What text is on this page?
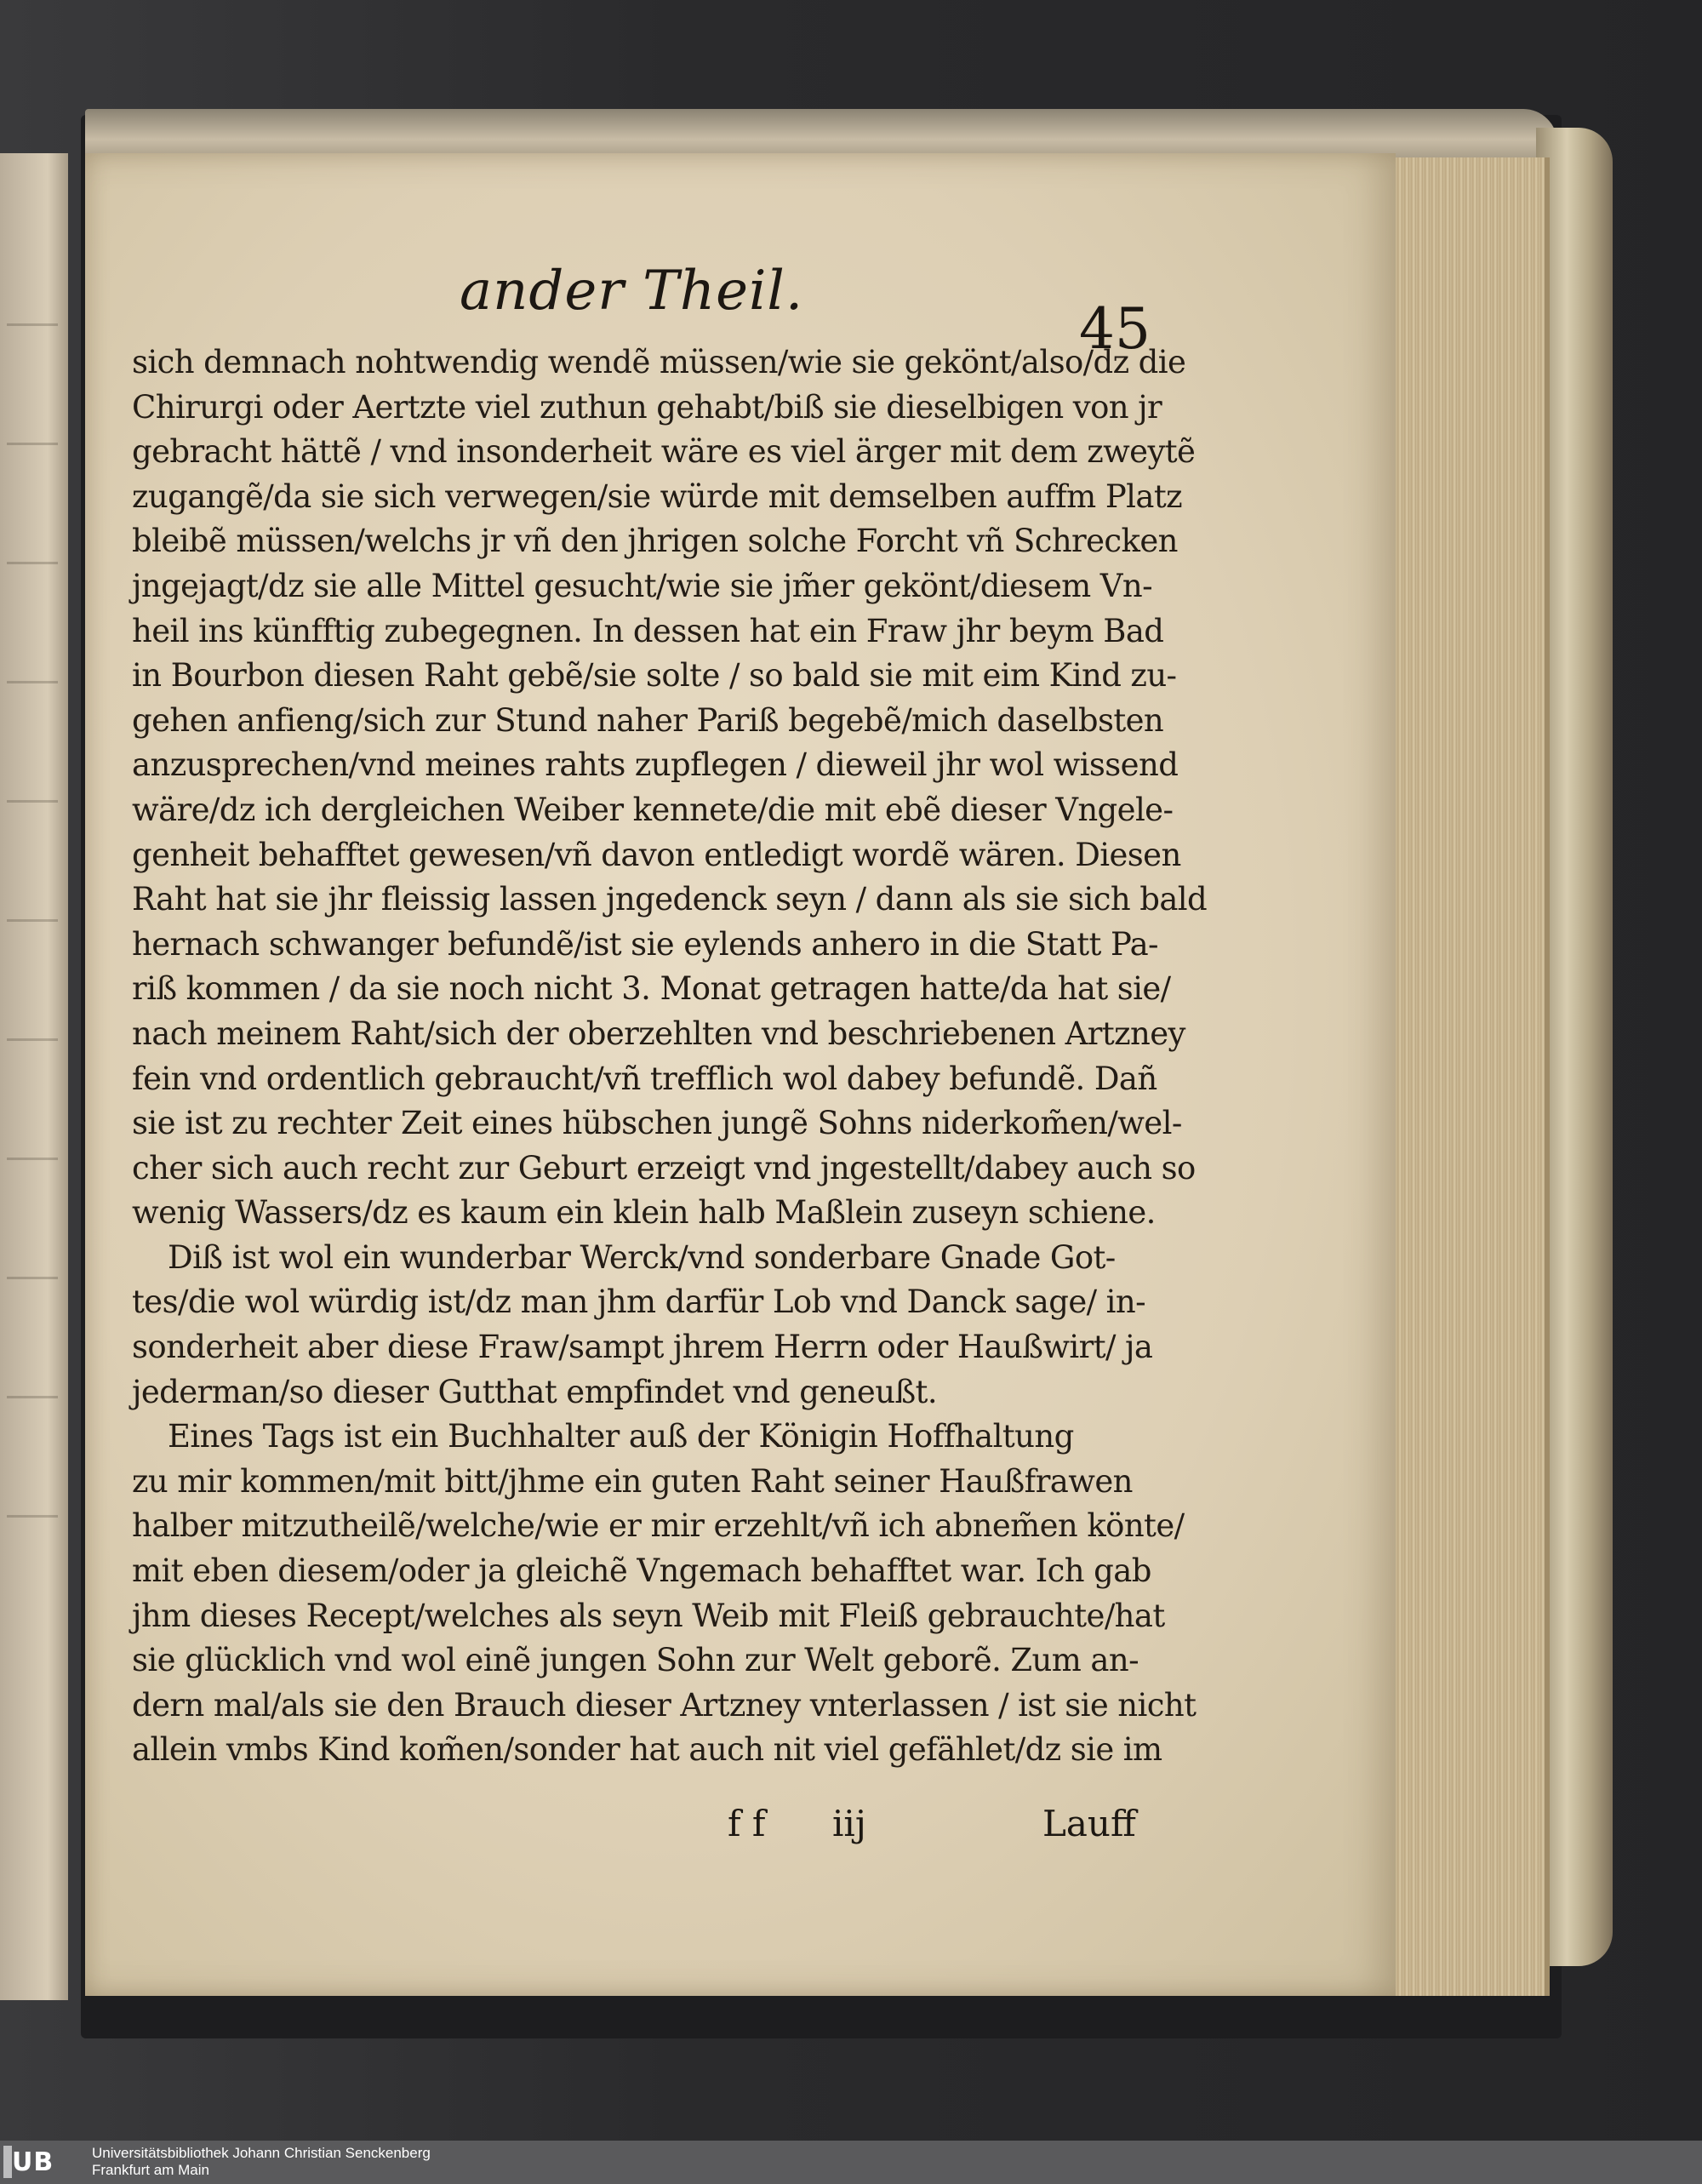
ander Theil.
45
sich demnach nohtwendig wendẽ müssen/wie sie gekönt/also/dz die
Chirurgi oder Aertzte viel zuthun gehabt/biß sie dieselbigen von jr
gebracht hättẽ / vnd insonderheit wäre es viel ärger mit dem zweytẽ
zugangẽ/da sie sich verwegen/sie würde mit demselben auffm Platz
bleibẽ müssen/welchs jr vñ den jhrigen solche Forcht vñ Schrecken
jngejagt/dz sie alle Mittel gesucht/wie sie jm̃er gekönt/diesem Vn-
heil ins künfftig zubegegnen. In dessen hat ein Fraw jhr beym Bad
in Bourbon diesen Raht gebẽ/sie solte / so bald sie mit eim Kind zu-
gehen anfieng/sich zur Stund naher Pariß begebẽ/mich daselbsten
anzusprechen/vnd meines rahts zupflegen / dieweil jhr wol wissend
wäre/dz ich dergleichen Weiber kennete/die mit ebẽ dieser Vngele-
genheit behafftet gewesen/vñ davon entledigt wordẽ wären. Diesen
Raht hat sie jhr fleissig lassen jngedenck seyn / dann als sie sich bald
hernach schwanger befundẽ/ist sie eylends anhero in die Statt Pa-
riß kommen / da sie noch nicht 3. Monat getragen hatte/da hat sie/
nach meinem Raht/sich der oberzehlten vnd beschriebenen Artzney
fein vnd ordentlich gebraucht/vñ trefflich wol dabey befundẽ. Dañ
sie ist zu rechter Zeit eines hübschen jungẽ Sohns niderkom̃en/wel-
cher sich auch recht zur Geburt erzeigt vnd jngestellt/dabey auch so
wenig Wassers/dz es kaum ein klein halb Maßlein zuseyn schiene.
Diß ist wol ein wunderbar Werck/vnd sonderbare Gnade Got-
tes/die wol würdig ist/dz man jhm darfür Lob vnd Danck sage/ in-
sonderheit aber diese Fraw/sampt jhrem Herrn oder Haußwirt/ ja
jederman/so dieser Gutthat empfindet vnd geneußt.
Eines Tags ist ein Buchhalter auß der Königin Hoffhaltung
zu mir kommen/mit bitt/jhme ein guten Raht seiner Haußfrawen
halber mitzutheilẽ/welche/wie er mir erzehlt/vñ ich abnem̃en könte/
mit eben diesem/oder ja gleichẽ Vngemach behafftet war. Ich gab
jhm dieses Recept/welches als seyn Weib mit Fleiß gebrauchte/hat
sie glücklich vnd wol einẽ jungen Sohn zur Welt geborẽ. Zum an-
dern mal/als sie den Brauch dieser Artzney vnterlassen / ist sie nicht
allein vmbs Kind kom̃en/sonder hat auch nit viel gefählet/dz sie im
f f iij	Lauff
UB	Universitätsbibliothek Johann Christian Senckenberg
Frankfurt am Main
